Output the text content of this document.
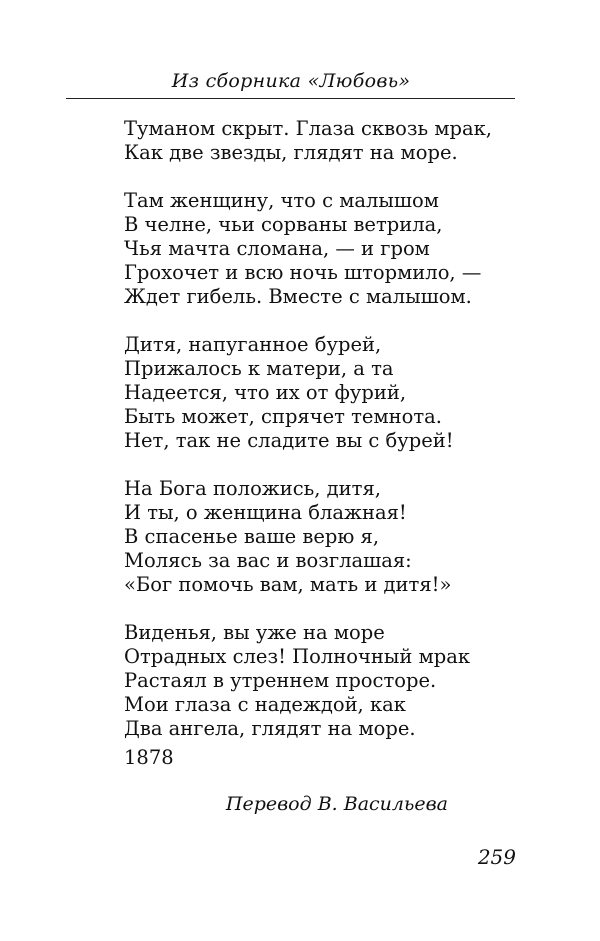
Из сборника «Любовь»
Туманом скрыт. Глаза сквозь мрак,
Как две звезды, глядят на море.
Там женщину, что с малышом
В челне, чьи сорваны ветрила,
Чья мачта сломана, — и гром
Грохочет и всю ночь штормило, —
Ждет гибель. Вместе с малышом.
Дитя, напуганное бурей,
Прижалось к матери, а та
Надеется, что их от фурий,
Быть может, спрячет темнота.
Нет, так не сладите вы с бурей!
На Бога положись, дитя,
И ты, о женщина блажная!
В спасенье ваше верю я,
Молясь за вас и возглашая:
«Бог помочь вам, мать и дитя!»
Виденья, вы уже на море
Отрадных слез! Полночный мрак
Растаял в утреннем просторе.
Мои глаза с надеждой, как
Два ангела, глядят на море.
1878
Перевод В. Васильева
259
